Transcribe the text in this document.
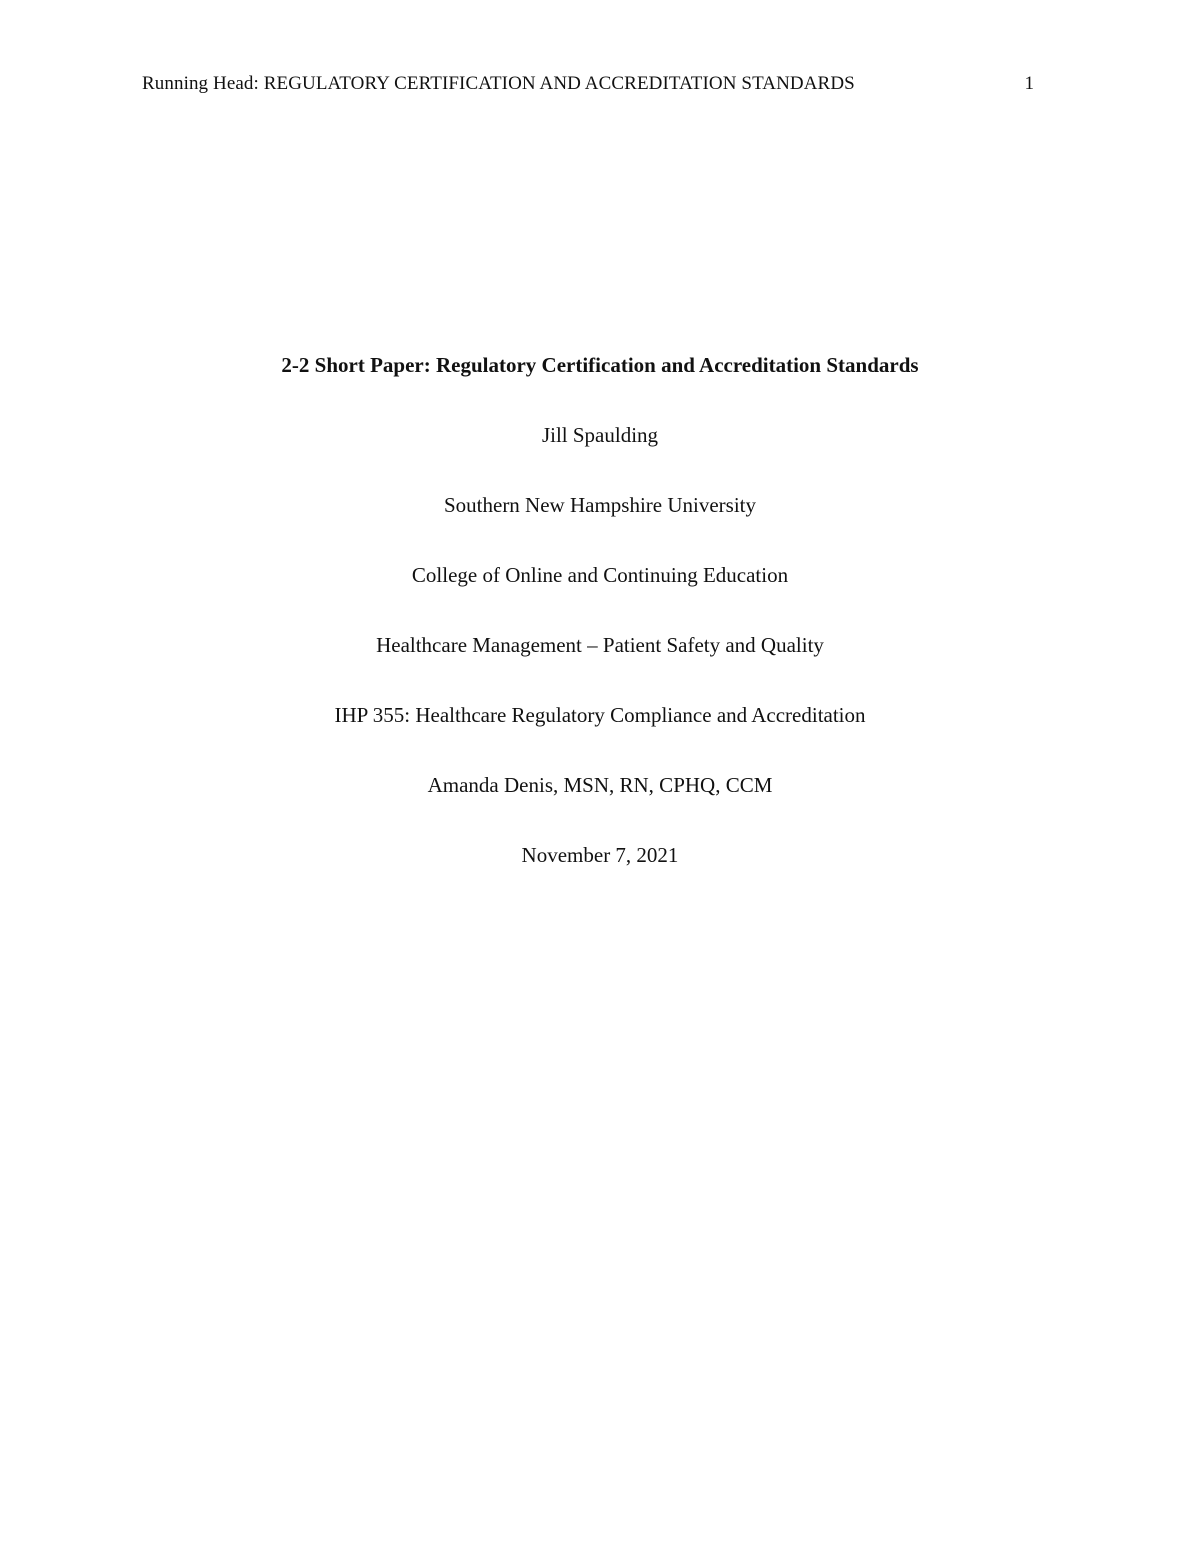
Running Head: REGULATORY CERTIFICATION AND ACCREDITATION STANDARDS	1
2-2 Short Paper: Regulatory Certification and Accreditation Standards
Jill Spaulding
Southern New Hampshire University
College of Online and Continuing Education
Healthcare Management – Patient Safety and Quality
IHP 355: Healthcare Regulatory Compliance and Accreditation
Amanda Denis, MSN, RN, CPHQ, CCM
November 7, 2021
